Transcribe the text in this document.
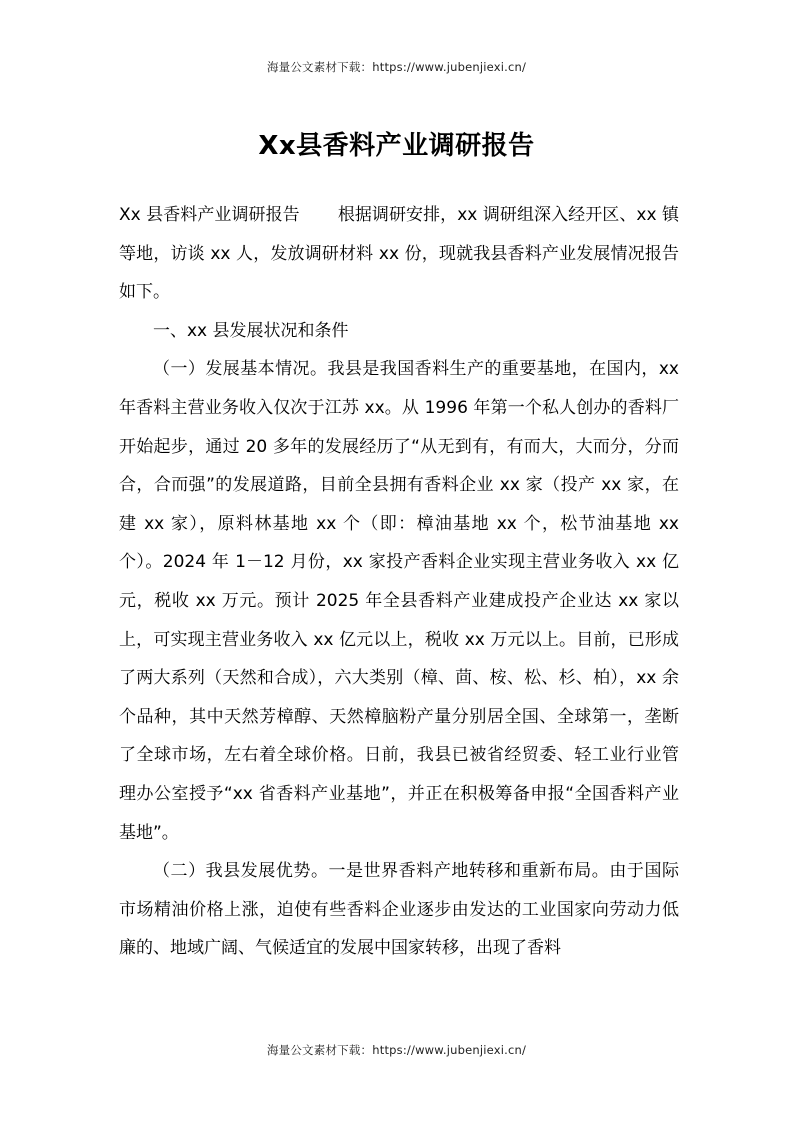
海量公文素材下载：https://www.jubenjiexi.cn/
Xx县香料产业调研报告

Xx 县香料产业调研报告 根据调研安排，xx 调研组深入经开区、xx 镇等地，访谈 xx 人，发放调研材料 xx 份，现就我县香料产业发展情况报告如下。

一、xx 县发展状况和条件

（一）发展基本情况。我县是我国香料生产的重要基地，在国内，xx 年香料主营业务收入仅次于江苏 xx。从 1996 年第一个私人创办的香料厂开始起步，通过 20 多年的发展经历了“从无到有，有而大，大而分，分而合，合而强”的发展道路，目前全县拥有香料企业 xx 家（投产 xx 家，在建 xx 家），原料林基地 xx 个（即：樟油基地 xx 个，松节油基地 xx 个）。2024 年 1－12 月份，xx 家投产香料企业实现主营业务收入 xx 亿元，税收 xx 万元。预计 2025 年全县香料产业建成投产企业达 xx 家以上，可实现主营业务收入 xx 亿元以上，税收 xx 万元以上。目前，已形成了两大系列（天然和合成），六大类别（樟、茴、桉、松、杉、柏），xx 余个品种，其中天然芳樟醇、天然樟脑粉产量分别居全国、全球第一，垄断了全球市场，左右着全球价格。日前，我县已被省经贸委、轻工业行业管理办公室授予“xx 省香料产业基地”，并正在积极筹备申报“全国香料产业基地”。

（二）我县发展优势。一是世界香料产地转移和重新布局。由于国际市场精油价格上涨，迫使有些香料企业逐步由发达的工业国家向劳动力低廉的、地域广阔、气候适宜的发展中国家转移，出现了香料

海量公文素材下载：https://www.jubenjiexi.cn/
